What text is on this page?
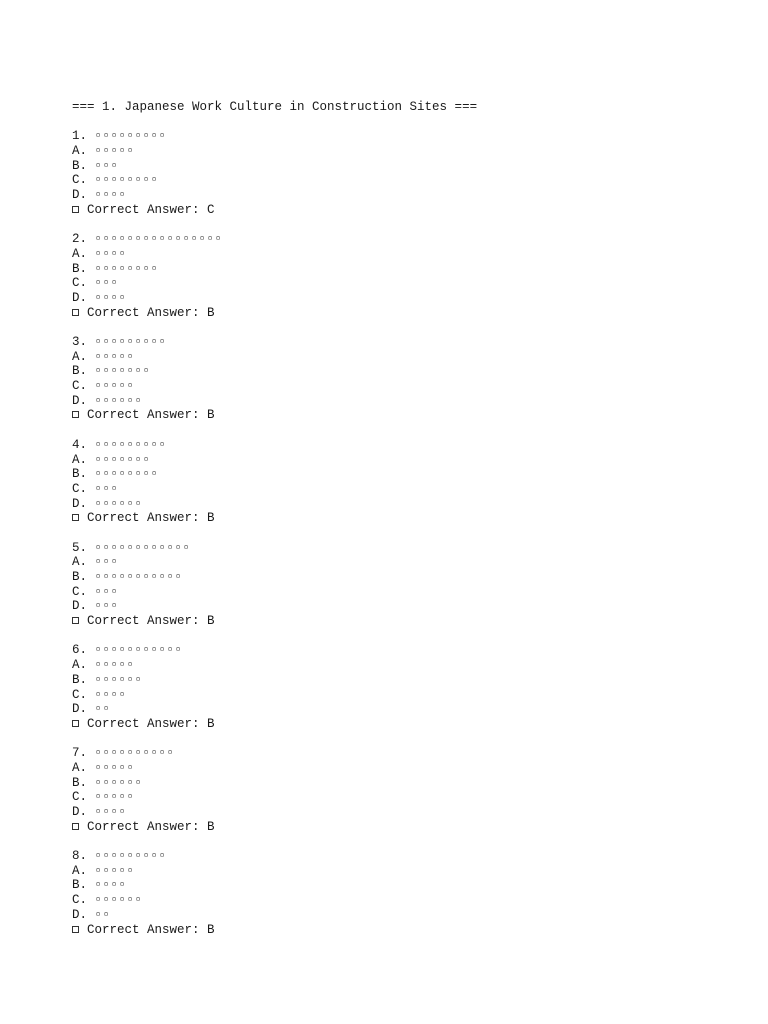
=== 1. Japanese Work Culture in Construction Sites ===
1. ▫▫▫▫▫▫▫▫▫
A. ▫▫▫▫▫
B. ▫▫▫
C. ▫▫▫▫▫▫▫▫
D. ▫▫▫▫
Correct Answer: C
2. ▫▫▫▫▫▫▫▫▫▫▫▫▫▫▫▫
A. ▫▫▫▫
B. ▫▫▫▫▫▫▫▫
C. ▫▫▫
D. ▫▫▫▫
Correct Answer: B
3. ▫▫▫▫▫▫▫▫▫
A. ▫▫▫▫▫
B. ▫▫▫▫▫▫▫
C. ▫▫▫▫▫
D. ▫▫▫▫▫▫
Correct Answer: B
4. ▫▫▫▫▫▫▫▫▫
A. ▫▫▫▫▫▫▫
B. ▫▫▫▫▫▫▫▫
C. ▫▫▫
D. ▫▫▫▫▫▫
Correct Answer: B
5. ▫▫▫▫▫▫▫▫▫▫▫▫
A. ▫▫▫
B. ▫▫▫▫▫▫▫▫▫▫▫
C. ▫▫▫
D. ▫▫▫
Correct Answer: B
6. ▫▫▫▫▫▫▫▫▫▫▫
A. ▫▫▫▫▫
B. ▫▫▫▫▫▫
C. ▫▫▫▫
D. ▫▫
Correct Answer: B
7. ▫▫▫▫▫▫▫▫▫▫
A. ▫▫▫▫▫
B. ▫▫▫▫▫▫
C. ▫▫▫▫▫
D. ▫▫▫▫
Correct Answer: B
8. ▫▫▫▫▫▫▫▫▫
A. ▫▫▫▫▫
B. ▫▫▫▫
C. ▫▫▫▫▫▫
D. ▫▫
Correct Answer: B
